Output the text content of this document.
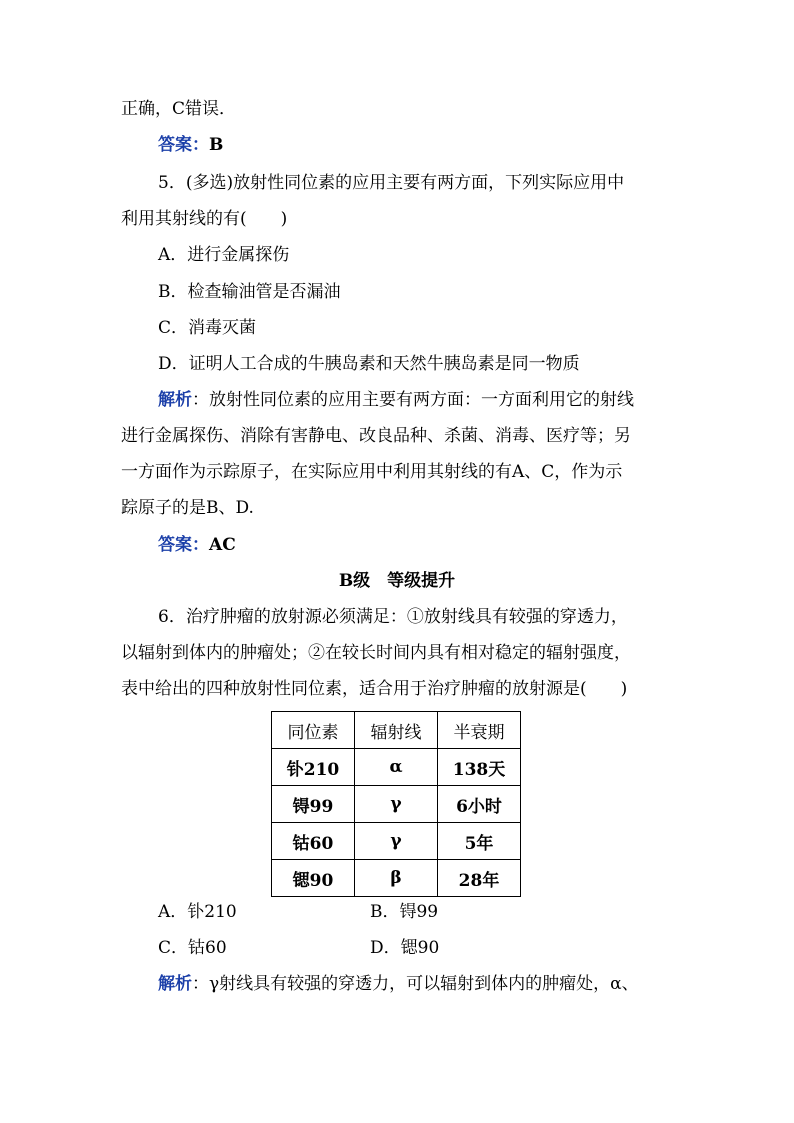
正确，C错误．
答案：B
5．(多选)放射性同位素的应用主要有两方面，下列实际应用中
利用其射线的有(　　)
A．进行金属探伤
B．检查输油管是否漏油
C．消毒灭菌
D．证明人工合成的牛胰岛素和天然牛胰岛素是同一物质
解析：放射性同位素的应用主要有两方面：一方面利用它的射线
进行金属探伤、消除有害静电、改良品种、杀菌、消毒、医疗等；另
一方面作为示踪原子，在实际应用中利用其射线的有A、C，作为示
踪原子的是B、D.
答案：AC
B级　等级提升
6．治疗肿瘤的放射源必须满足：①放射线具有较强的穿透力，
以辐射到体内的肿瘤处；②在较长时间内具有相对稳定的辐射强度，
表中给出的四种放射性同位素，适合用于治疗肿瘤的放射源是(　　)
同位素	辐射线	半衰期
钋210	α	138天
锝99	γ	6小时
钴60	γ	5年
锶90	β	28年
A．钋210	B．锝99
C．钴60	D．锶90
解析：γ射线具有较强的穿透力，可以辐射到体内的肿瘤处，α、
